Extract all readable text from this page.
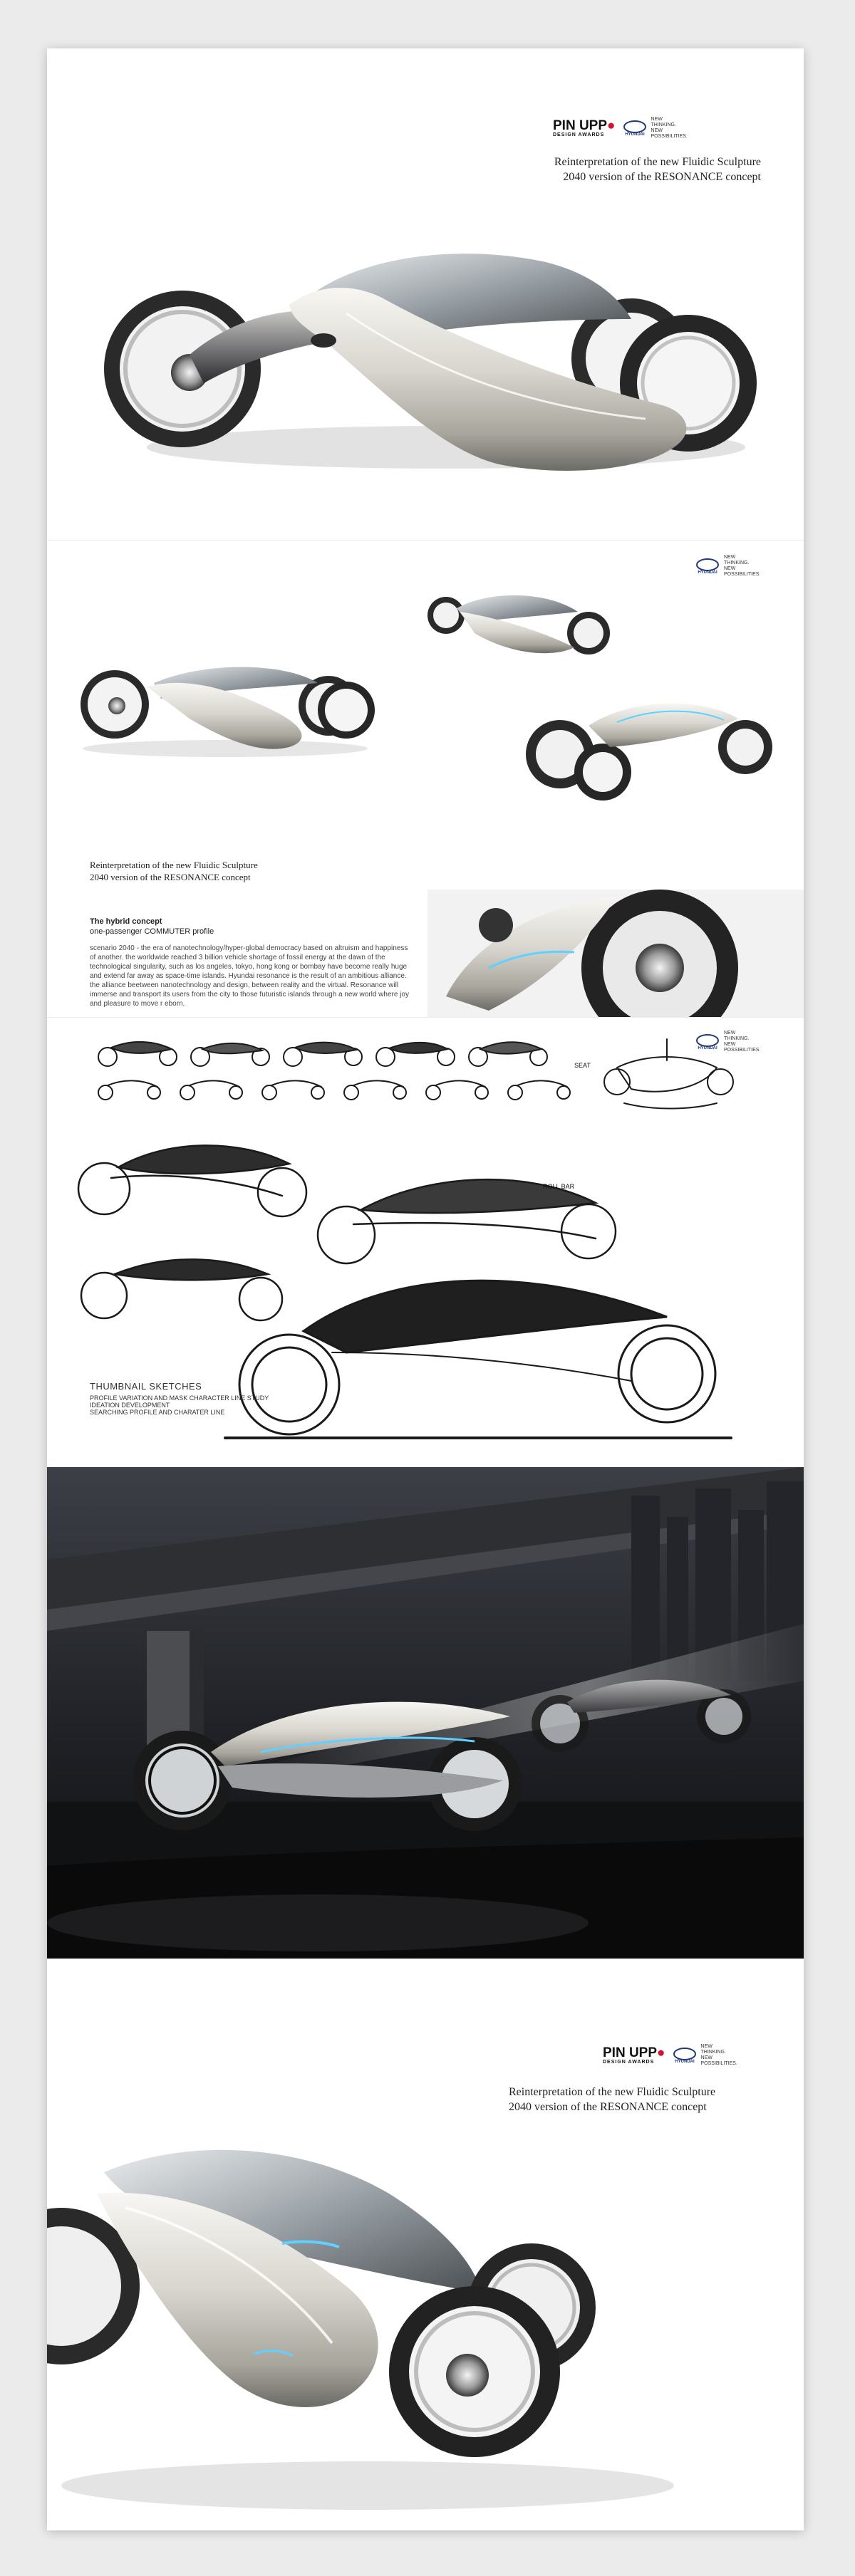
PIN UPP●
DESIGN AWARDS	HYUNDAI
NEW
THINKING.
NEW
POSSIBILITIES.
Reinterpretation of the new Fluidic Sculpture
2040 version of the RESONANCE concept
HYUNDAI
NEW
THINKING.
NEW
POSSIBILITIES.
Reinterpretation of the new Fluidic Sculpture
2040 version of the RESONANCE concept
The hybrid concept
one-passenger COMMUTER profile
scenario 2040 - the era of nanotechnology/hyper-global democracy based on altruism and happiness of another. the worldwide reached 3 billion vehicle shortage of fossil energy at the dawn of the technological singularity, such as los angeles, tokyo, hong kong or bombay have become really huge and extend far away as space-time islands. Hyundai resonance is the result of an ambitious alliance. the alliance beetween nanotechnology and design, between reality and the virtual. Resonance will immerse and transport its users from the city to those futuristic islands through a new world where joy and pleasure to move r eborn.
HYUNDAI
NEW
THINKING.
NEW
POSSIBILITIES.
ROLL BAR
SEAT
THUMBNAIL SKETCHES
PROFILE VARIATION AND MASK CHARACTER LINE STUDY
IDEATION DEVELOPMENT
SEARCHING PROFILE AND CHARATER LINE
PIN UPP●
DESIGN AWARDS	HYUNDAI
NEW
THINKING.
NEW
POSSIBILITIES.
Reinterpretation of the new Fluidic Sculpture
2040 version of the RESONANCE concept
